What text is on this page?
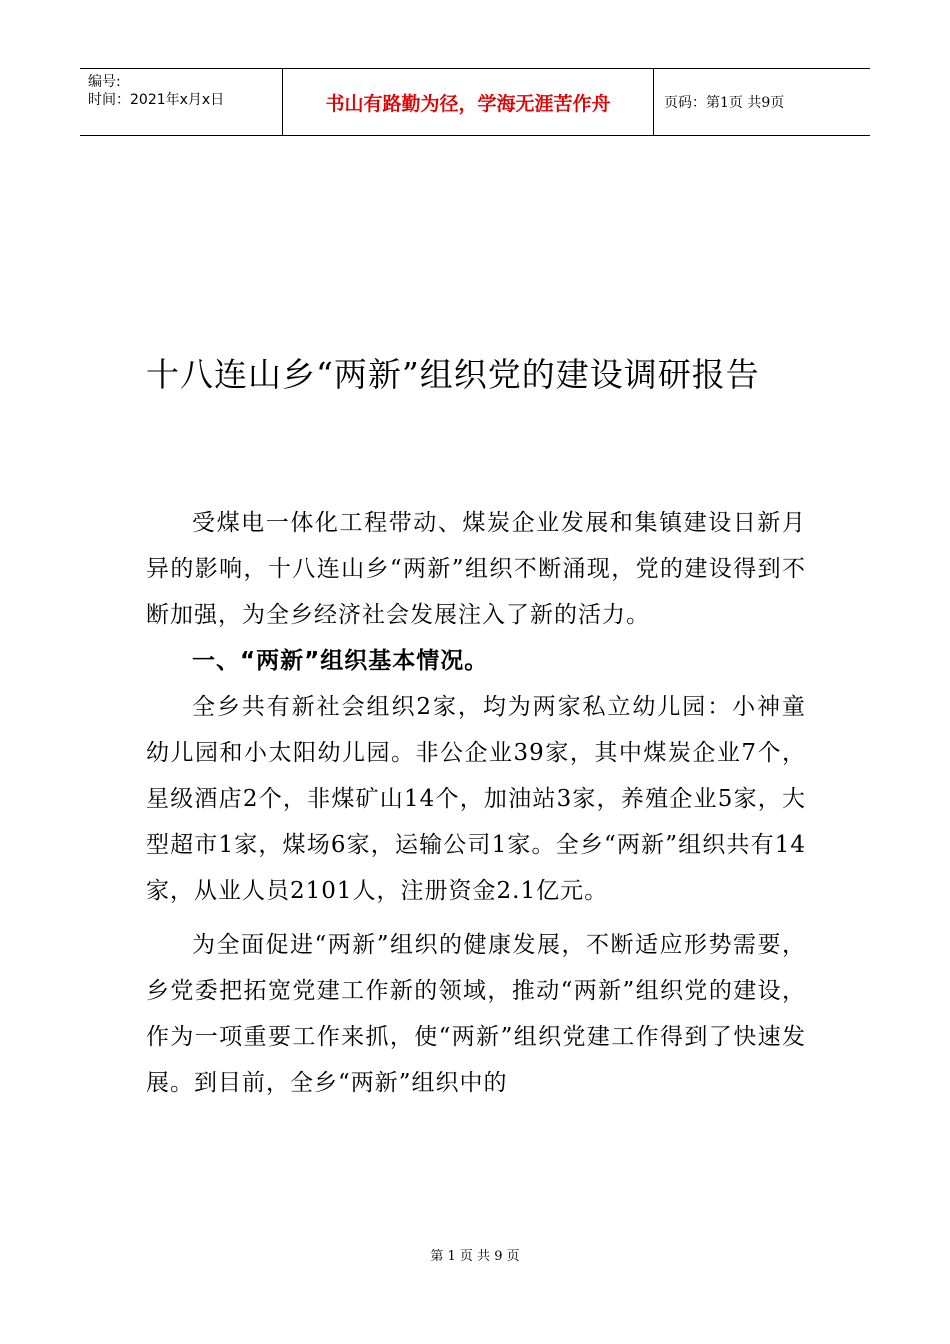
编号:
时间：2021年x月x日	书山有路勤为径，学海无涯苦作舟	页码：第1页 共9页
十八连山乡“两新”组织党的建设调研报告

受煤电一体化工程带动、煤炭企业发展和集镇建设日新月异的影响，十八连山乡“两新”组织不断涌现，党的建设得到不断加强，为全乡经济社会发展注入了新的活力。

一、“两新”组织基本情况。

全乡共有新社会组织2家，均为两家私立幼儿园：小神童幼儿园和小太阳幼儿园。非公企业39家，其中煤炭企业7个，星级酒店2个，非煤矿山14个，加油站3家，养殖企业5家，大型超市1家，煤场6家，运输公司1家。全乡“两新”组织共有14家，从业人员2101人，注册资金2.1亿元。

为全面促进“两新”组织的健康发展，不断适应形势需要，乡党委把拓宽党建工作新的领域，推动“两新”组织党的建设，作为一项重要工作来抓，使“两新”组织党建工作得到了快速发展。到目前，全乡“两新”组织中的

第 1 页 共 9 页
